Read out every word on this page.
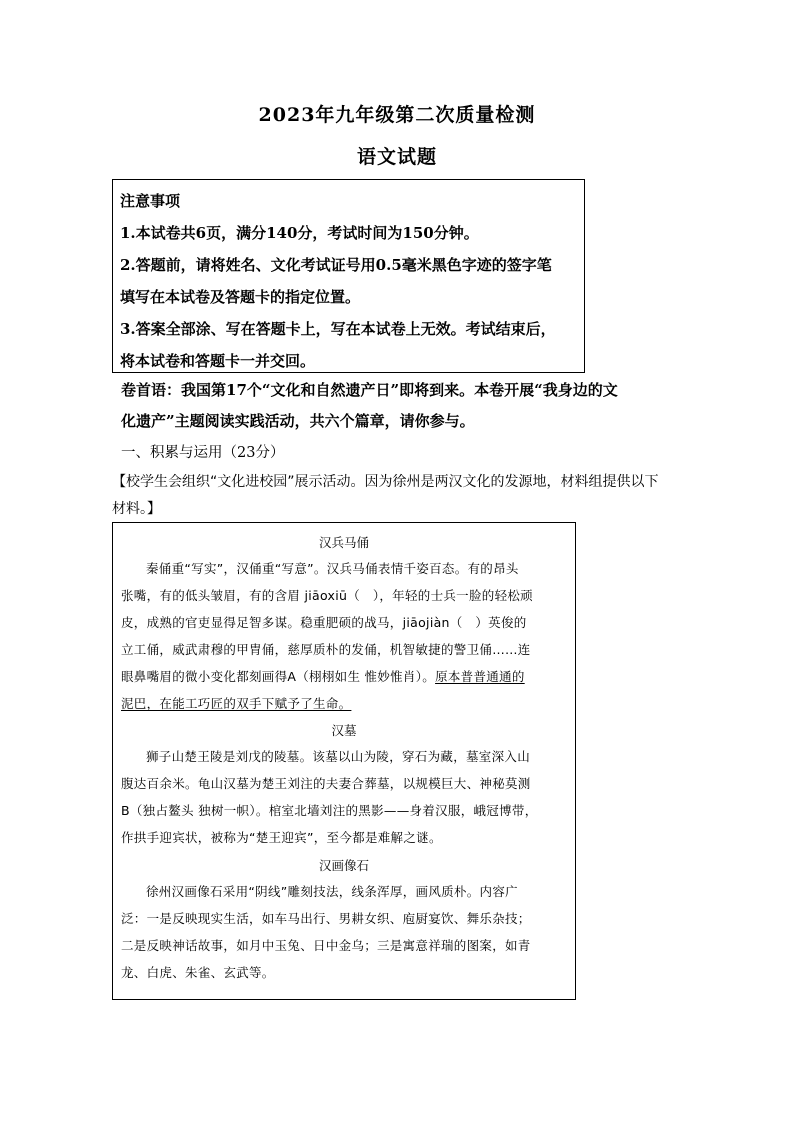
2023年九年级第二次质量检测
语文试题
注意事项
1.本试卷共6页，满分140分，考试时间为150分钟。
2.答题前，请将姓名、文化考试证号用0.5毫米黑色字迹的签字笔
填写在本试卷及答题卡的指定位置。
3.答案全部涂、写在答题卡上，写在本试卷上无效。考试结束后，
将本试卷和答题卡一并交回。
卷首语：我国第17个“文化和自然遗产日”即将到来。本卷开展“我身边的文
化遗产”主题阅读实践活动，共六个篇章，请你参与。
一、积累与运用（23分）
【校学生会组织“文化进校园”展示活动。因为徐州是两汉文化的发源地，材料组提供以下
材料。】
汉兵马俑
秦俑重“写实”，汉俑重“写意”。汉兵马俑表情千姿百态。有的昂头
张嘴，有的低头皱眉，有的含眉 jiāoxiū（　），年轻的士兵一脸的轻松顽
皮，成熟的官吏显得足智多谋。稳重肥硕的战马，jiāojiàn（　）英俊的
立工俑，威武肃穆的甲胄俑，慈厚质朴的发俑，机智敏捷的警卫俑……连
眼鼻嘴眉的微小变化都刻画得A（栩栩如生 惟妙惟肖）。原本普普通通的
泥巴，在能工巧匠的双手下赋予了生命。
汉墓
狮子山楚王陵是刘戊的陵墓。该墓以山为陵，穿石为藏，墓室深入山
腹达百余米。龟山汉墓为楚王刘注的夫妻合葬墓，以规模巨大、神秘莫测
B（独占鳌头 独树一帜）。棺室北墙刘注的黑影——身着汉服，峨冠博带，
作拱手迎宾状，被称为“楚王迎宾”，至今都是难解之谜。
汉画像石
徐州汉画像石采用“阴线”雕刻技法，线条浑厚，画风质朴。内容广
泛：一是反映现实生活，如车马出行、男耕女织、庖厨宴饮、舞乐杂技；
二是反映神话故事，如月中玉兔、日中金乌；三是寓意祥瑞的图案，如青
龙、白虎、朱雀、玄武等。
